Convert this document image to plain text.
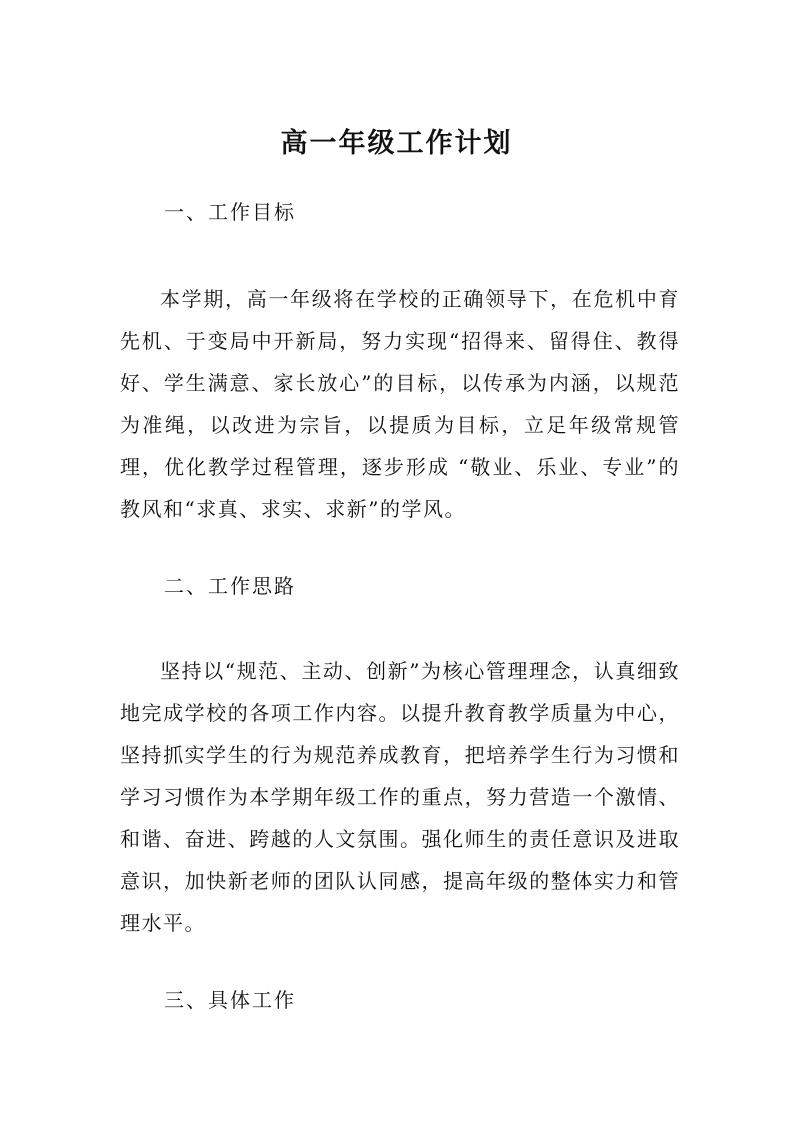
高一年级工作计划
一、工作目标

本学期，高一年级将在学校的正确领导下，在危机中育先机、于变局中开新局，努力实现“招得来、留得住、教得好、学生满意、家长放心”的目标，以传承为内涵，以规范为准绳，以改进为宗旨，以提质为目标，立足年级常规管理，优化教学过程管理，逐步形成 “敬业、乐业、专业”的教风和“求真、求实、求新”的学风。

二、工作思路

坚持以“规范、主动、创新”为核心管理理念，认真细致地完成学校的各项工作内容。以提升教育教学质量为中心，坚持抓实学生的行为规范养成教育，把培养学生行为习惯和学习习惯作为本学期年级工作的重点，努力营造一个激情、和谐、奋进、跨越的人文氛围。强化师生的责任意识及进取意识，加快新老师的团队认同感，提高年级的整体实力和管理水平。

三、具体工作
